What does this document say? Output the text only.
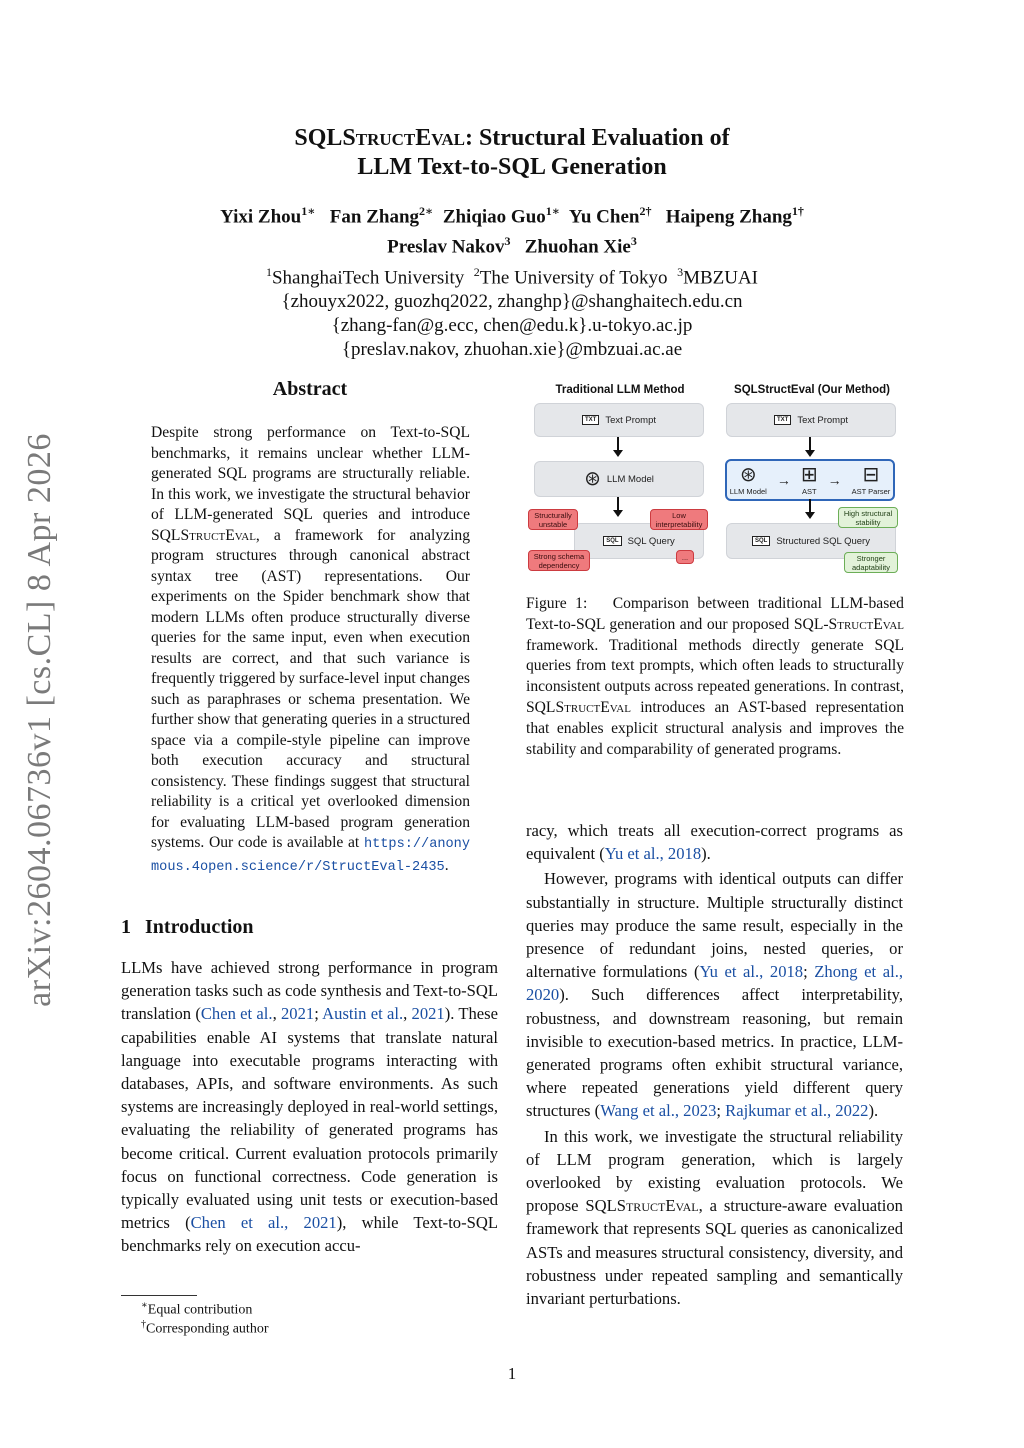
arXiv:2604.06736v1 [cs.CL] 8 Apr 2026
SQLStructEval: Structural Evaluation of
LLM Text-to-SQL Generation
Yixi Zhou$^{1∗}$ Fan Zhang$^{2∗}$ Zhiqiao Guo$^{1∗}$ Yu Chen$^{2\dagger}$ Haipeng Zhang$^{1\dagger}$
Preslav Nakov$^3$ Zhuohan Xie$^3$
$^1$ShanghaiTech University $^2$The University of Tokyo $^3$MBZUAI
{zhouyx2022, guozhq2022, zhanghp}@shanghaitech.edu.cn
{zhang-fan@g.ecc, chen@edu.k}.u-tokyo.ac.jp
{preslav.nakov, zhuohan.xie}@mbzuai.ac.ae
Abstract
Despite strong performance on Text-to-SQL benchmarks, it remains unclear whether LLM-generated SQL programs are structurally reliable. In this work, we investigate the structural behavior of LLM-generated SQL queries and introduce SQLStructEval, a framework for analyzing program structures through canonical abstract syntax tree (AST) representations. Our experiments on the Spider benchmark show that modern LLMs often produce structurally diverse queries for the same input, even when execution results are correct, and that such variance is frequently triggered by surface-level input changes such as paraphrases or schema presentation. We further show that generating queries in a structured space via a compile-style pipeline can improve both execution accuracy and structural consistency. These findings suggest that structural reliability is a critical yet overlooked dimension for evaluating LLM-based program generation systems. Our code is available at https://anonymous.4open.science/r/StructEval-2435.
Traditional LLM Method	SQLStructEval (Our Method)
TXT Text Prompt
⊛ LLM Model
SQL SQL Query
Structurally unstable
Low interpretability
Strong schema dependency
...
TXT Text Prompt
⊛
LLM Model
→ ⊞
AST
→ ⊟
AST Parser
SQL Structured SQL Query
High structural stability
Stronger adaptability
Figure 1: Comparison between traditional LLM-based Text-to-SQL generation and our proposed SQL-StructEval framework. Traditional methods directly generate SQL queries from text prompts, which often leads to structurally inconsistent outputs across repeated generations. In contrast, SQLStructEval introduces an AST-based representation that enables explicit structural analysis and improves the stability and comparability of generated programs.
1 Introduction

LLMs have achieved strong performance in program generation tasks such as code synthesis and Text-to-SQL translation (Chen et al., 2021; Austin et al., 2021). These capabilities enable AI systems that translate natural language into executable programs interacting with databases, APIs, and software environments. As such systems are increasingly deployed in real-world settings, evaluating the reliability of generated programs has become critical. Current evaluation protocols primarily focus on functional correctness. Code generation is typically evaluated using unit tests or execution-based metrics (Chen et al., 2021), while Text-to-SQL benchmarks rely on execution accu-

racy, which treats all execution-correct programs as equivalent (Yu et al., 2018).

However, programs with identical outputs can differ substantially in structure. Multiple structurally distinct queries may produce the same result, especially in the presence of redundant joins, nested queries, or alternative formulations (Yu et al., 2018; Zhong et al., 2020). Such differences affect interpretability, robustness, and downstream reasoning, but remain invisible to execution-based metrics. In practice, LLM-generated programs often exhibit structural variance, where repeated generations yield different query structures (Wang et al., 2023; Rajkumar et al., 2022).

In this work, we investigate the structural reliability of LLM program generation, which is largely overlooked by existing evaluation protocols. We propose SQLStructEval, a structure-aware evaluation framework that represents SQL queries as canonicalized ASTs and measures structural consistency, diversity, and robustness under repeated sampling and semantically invariant perturbations.

∗Equal contribution
†Corresponding author
1
